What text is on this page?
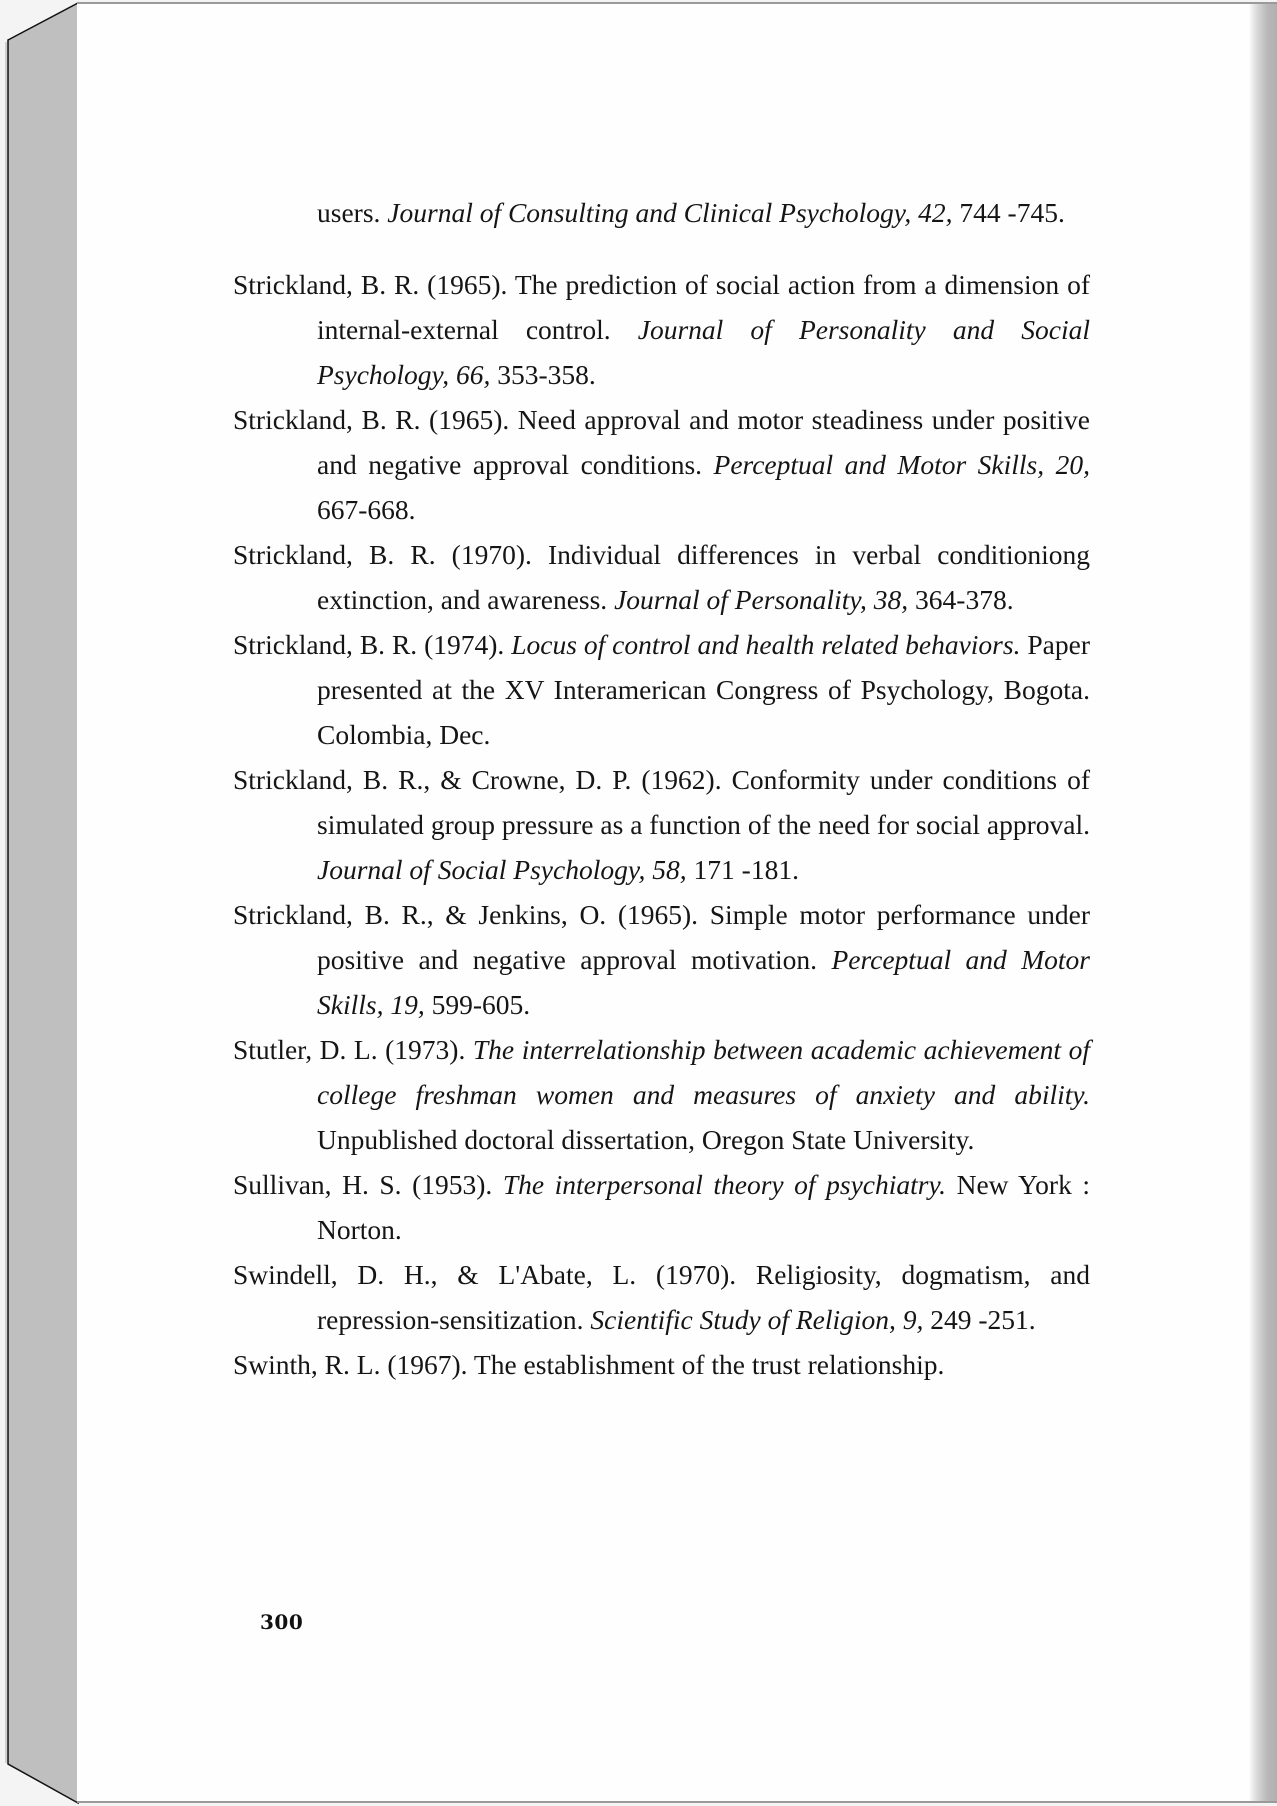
users. Journal of Consulting and Clinical Psychology, 42, 744 -745.

Strickland, B. R. (1965). The prediction of social action from a dimension of internal-external control. Journal of Personality and Social Psychology, 66, 353-358.

Strickland, B. R. (1965). Need approval and motor steadiness under positive and negative approval conditions. Perceptual and Motor Skills, 20, 667-668.

Strickland, B. R. (1970). Individual differences in verbal conditioniong extinction, and awareness. Journal of Personality, 38, 364-378.

Strickland, B. R. (1974). Locus of control and health related behaviors. Paper presented at the XV Interamerican Congress of Psychology, Bogota. Colombia, Dec.

Strickland, B. R., & Crowne, D. P. (1962). Conformity under conditions of simulated group pressure as a function of the need for social approval. Journal of Social Psychology, 58, 171 -181.

Strickland, B. R., & Jenkins, O. (1965). Simple motor performance under positive and negative approval motivation. Perceptual and Motor Skills, 19, 599-605.

Stutler, D. L. (1973). The interrelationship between academic achievement of college freshman women and measures of anxiety and ability. Unpublished doctoral dissertation, Oregon State University.

Sullivan, H. S. (1953). The interpersonal theory of psychiatry. New York : Norton.

Swindell, D. H., & L'Abate, L. (1970). Religiosity, dogmatism, and repression-sensitization. Scientific Study of Religion, 9, 249 -251.

Swinth, R. L. (1967). The establishment of the trust relationship.

300
